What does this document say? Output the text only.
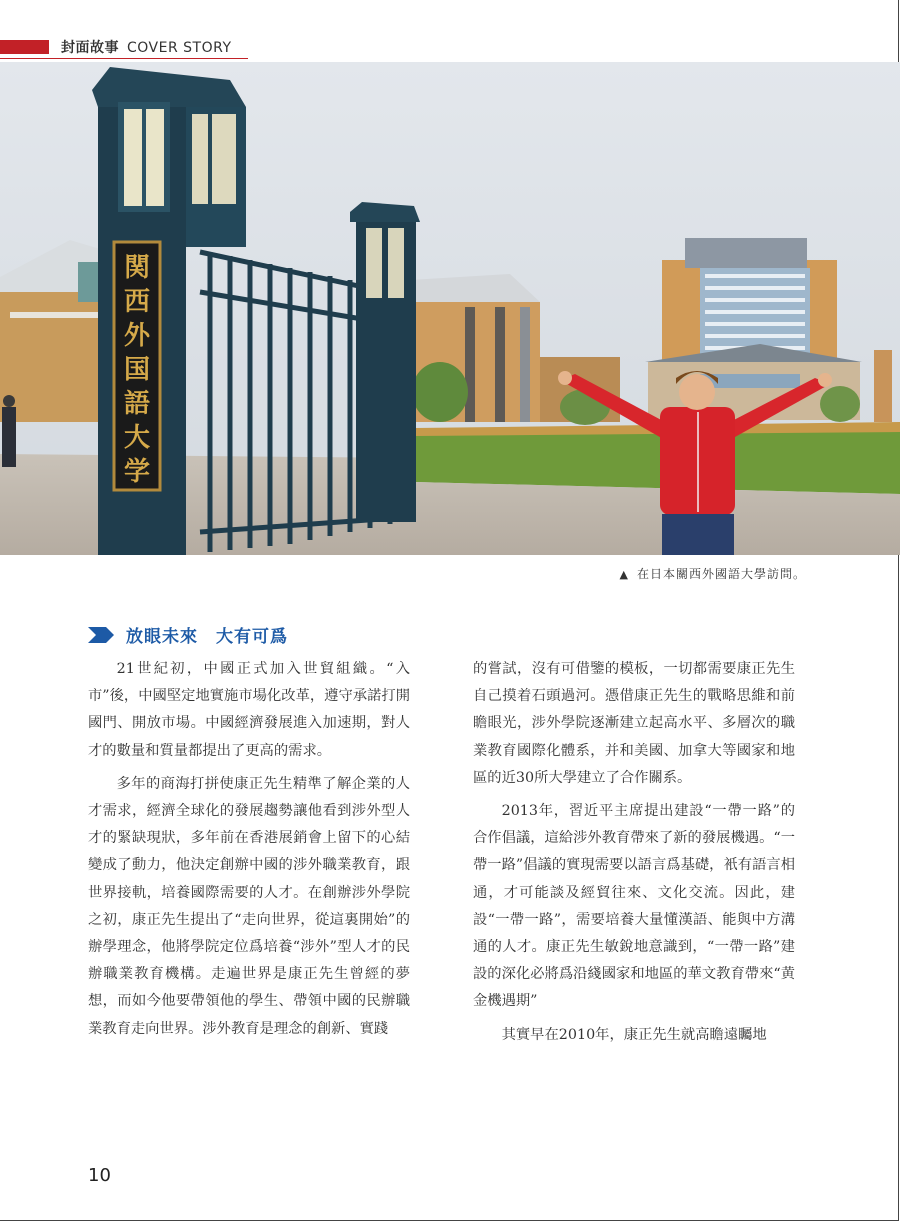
封面故事 COVER STORY
関
西
外
国
語
大
学
▲ 在日本關西外國語大學訪問。
放眼未來　大有可爲

21世紀初，中國正式加入世貿組織。“入市”後，中國堅定地實施市場化改革，遵守承諾打開國門、開放市場。中國經濟發展進入加速期，對人才的數量和質量都提出了更高的需求。

多年的商海打拼使康正先生精準了解企業的人才需求，經濟全球化的發展趨勢讓他看到涉外型人才的緊缺現狀，多年前在香港展銷會上留下的心結變成了動力，他決定創辦中國的涉外職業教育，跟世界接軌，培養國際需要的人才。在創辦涉外學院之初，康正先生提出了“走向世界，從這裏開始”的辦學理念，他將學院定位爲培養“涉外”型人才的民辦職業教育機構。走遍世界是康正先生曾經的夢想，而如今他要帶領他的學生、帶領中國的民辦職業教育走向世界。涉外教育是理念的創新、實踐

的嘗試，沒有可借鑒的模板，一切都需要康正先生自己摸着石頭過河。憑借康正先生的戰略思維和前瞻眼光，涉外學院逐漸建立起高水平、多層次的職業教育國際化體系，并和美國、加拿大等國家和地區的近30所大學建立了合作關系。

2013年，習近平主席提出建設“一帶一路”的合作倡議，這給涉外教育帶來了新的發展機遇。“一帶一路”倡議的實現需要以語言爲基礎，衹有語言相通，才可能談及經貿往來、文化交流。因此，建設“一帶一路”，需要培養大量懂漢語、能與中方溝通的人才。康正先生敏銳地意識到，“一帶一路”建設的深化必將爲沿綫國家和地區的華文教育帶來“黄金機遇期”

其實早在2010年，康正先生就高瞻遠矚地

10
